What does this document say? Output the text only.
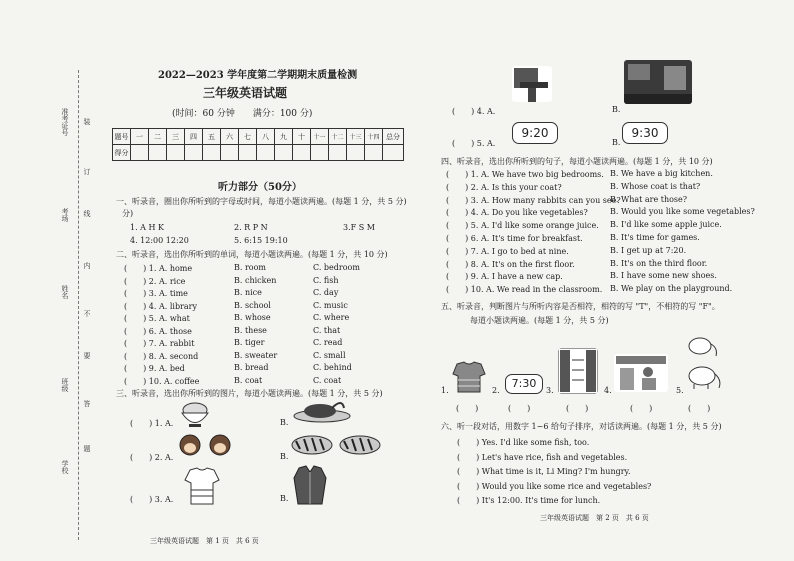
准考证号
考场
姓名
班级
学校
装
订
线
内
不
要
答
题
2022—2023 学年度第二学期期末质量检测
三年级英语试题
(时间：60 分钟　　满分：100 分)
题号	一	二	三	四	五	六	七	八	九	十	十一	十二	十三	十四	总分
得分															
听力部分（50分）
一、听录音，圈出你所听到的字母或时间，每道小题读两遍。(每题 1 分，共 5 分)
分)
1. A H K	2. R P N	3.F S M
4. 12:00 12:20	5. 6:15 19:10
二、听录音，选出你所听到的单词，每道小题读两遍。(每题 1 分，共 10 分)
(　　) 1. A. home	B. room	C. bedroom
(　　) 2. A. rice	B. chicken	C. fish
(　　) 3. A. time	B. nice	C. day
(　　) 4. A. library	B. school	C. music
(　　) 5. A. what	B. whose	C. where
(　　) 6. A. those	B. these	C. that
(　　) 7. A. rabbit	B. tiger	C. read
(　　) 8. A. second	B. sweater	C. small
(　　) 9. A. bed	B. bread	C. behind
(　　) 10. A. coffee	B. coat	C. coat
三、听录音，选出你所听到的图片，每道小题读两遍。(每题 1 分，共 5 分)
(　　) 1. A.	B.
(　　) 2. A.	B.
(　　) 3. A.	B.
三年级英语试题　第 1 页　共 6 页
B.
(　　) 4. A.
(　　) 5. A.
9:20
B.
9:30
四、听录音，选出你所听到的句子，每道小题读两遍。(每题 1 分，共 10 分)
(　　) 1. A. We have two big bedrooms. B. We have a big kitchen.
(　　) 2. A. Is this your coat?	B. Whose coat is that?
(　　) 3. A. How many rabbits can you see?
B. What are those?
(　　) 4. A. Do you like vegetables?	B. Would you like some vegetables?
(　　) 5. A. I'd like some orange juice. B. I'd like some apple juice.
(　　) 6. A. It's time for breakfast.	B. It's time for games.
(　　) 7. A. I go to bed at nine.	B. I get up at 7:20.
(　　) 8. A. It's on the first floor.	B. It's on the third floor.
(　　) 9. A. I have a new cap.	B. I have some new shoes.
(　　) 10. A. We read in the classroom. B. We play on the playground.
五、听录音，判断图片与所听内容是否相符，相符的写 "T"，不相符的写 "F"。
每道小题读两遍。(每题 1 分，共 5 分)
1.	2.
7:30
3.	4.	5.
(　　)	(　　)	(　　)	(　　)	(　　)
六、听一段对话，用数字 1~6 给句子排序，对话读两遍。(每题 1 分，共 5 分)
(　　) Yes. I'd like some fish, too.
(　　) Let's have rice, fish and vegetables.
(　　) What time is it, Li Ming? I'm hungry.
(　　) Would you like some rice and vegetables?
(　　) It's 12:00. It's time for lunch.
三年级英语试题　第 2 页　共 6 页
